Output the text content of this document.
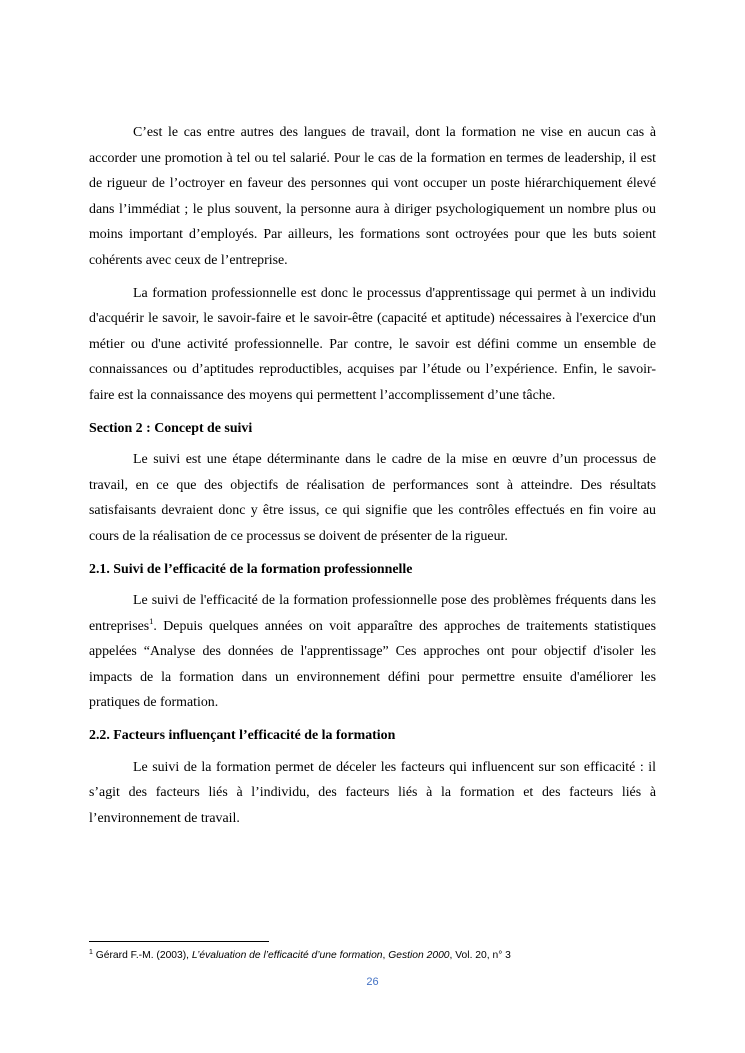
C’est le cas entre autres des langues de travail, dont la formation ne vise en aucun cas à accorder une promotion à tel ou tel salarié. Pour le cas de la formation en termes de leadership, il est de rigueur de l’octroyer en faveur des personnes qui vont occuper un poste hiérarchiquement élevé dans l’immédiat ; le plus souvent, la personne aura à diriger psychologiquement un nombre plus ou moins important d’employés. Par ailleurs, les formations sont octroyées pour que les buts soient cohérents avec ceux de l’entreprise.

La formation professionnelle est donc le processus d'apprentissage qui permet à un individu d'acquérir le savoir, le savoir-faire et le savoir-être (capacité et aptitude) nécessaires à l'exercice d'un métier ou d'une activité professionnelle. Par contre, le savoir est défini comme un ensemble de connaissances ou d’aptitudes reproductibles, acquises par l’étude ou l’expérience. Enfin, le savoir-faire est la connaissance des moyens qui permettent l’accomplissement d’une tâche.

Section 2 : Concept de suivi

Le suivi est une étape déterminante dans le cadre de la mise en œuvre d’un processus de travail, en ce que des objectifs de réalisation de performances sont à atteindre. Des résultats satisfaisants devraient donc y être issus, ce qui signifie que les contrôles effectués en fin voire au cours de la réalisation de ce processus se doivent de présenter de la rigueur.

2.1. Suivi de l’efficacité de la formation professionnelle

Le suivi de l'efficacité de la formation professionnelle pose des problèmes fréquents dans les entreprises$^1$. Depuis quelques années on voit apparaître des approches de traitements statistiques appelées “Analyse des données de l'apprentissage” Ces approches ont pour objectif d'isoler les impacts de la formation dans un environnement défini pour permettre ensuite d'améliorer les pratiques de formation.

2.2. Facteurs influençant l’efficacité de la formation

Le suivi de la formation permet de déceler les facteurs qui influencent sur son efficacité : il s’agit des facteurs liés à l’individu, des facteurs liés à la formation et des facteurs liés à l’environnement de travail.

$^1$ Gérard F.-M. (2003), L’évaluation de l’efficacité d’une formation, Gestion 2000, Vol. 20, n° 3
26
